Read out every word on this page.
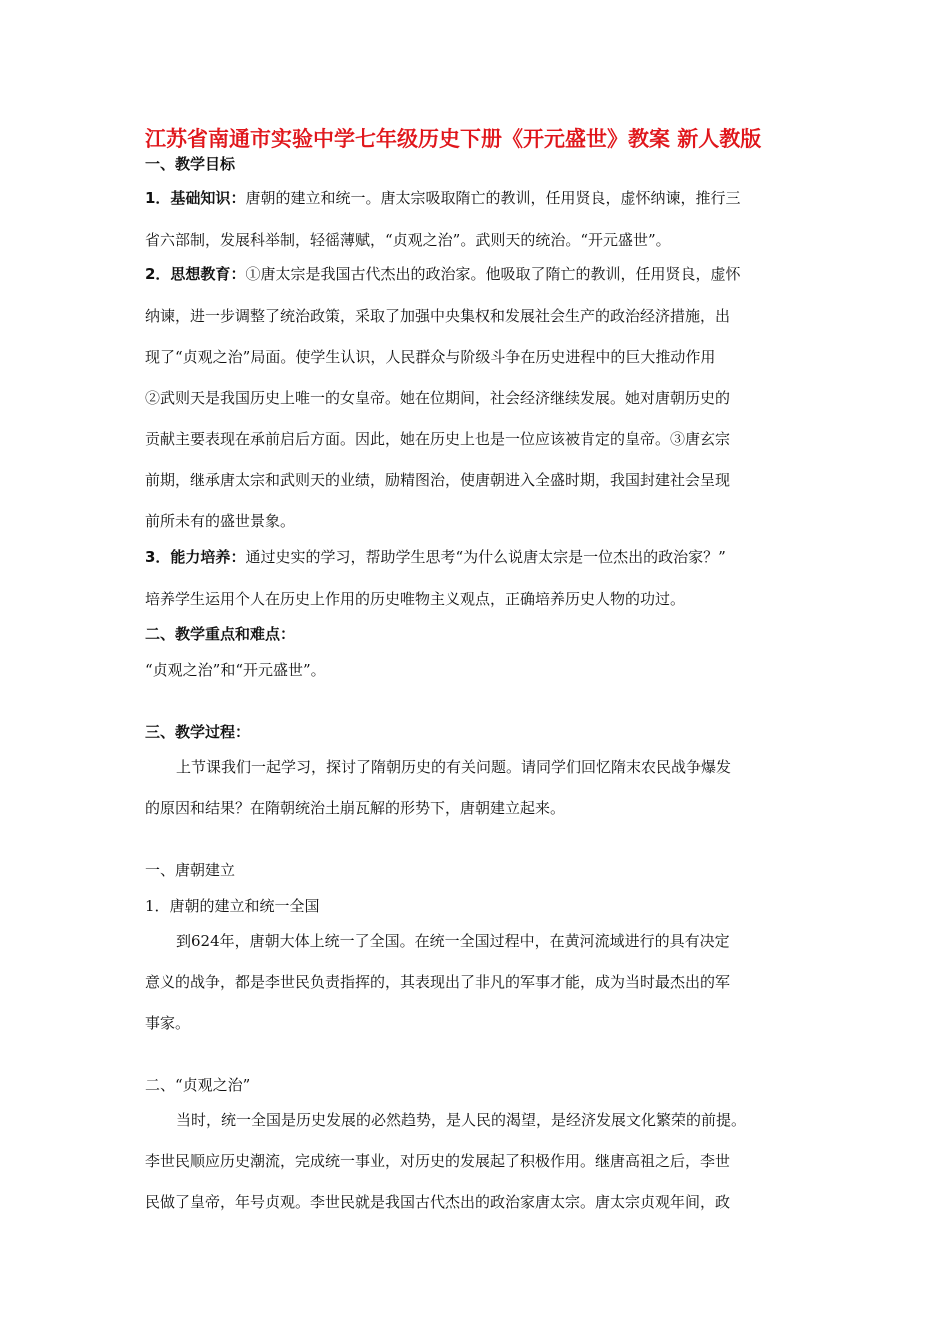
江苏省南通市实验中学七年级历史下册《开元盛世》教案 新人教版
一、教学目标
1．基础知识：唐朝的建立和统一。唐太宗吸取隋亡的教训，任用贤良，虚怀纳谏，推行三
省六部制，发展科举制，轻徭薄赋，“贞观之治”。武则天的统治。“开元盛世”。
2．思想教育：①唐太宗是我国古代杰出的政治家。他吸取了隋亡的教训，任用贤良，虚怀
纳谏，进一步调整了统治政策，采取了加强中央集权和发展社会生产的政治经济措施，出
现了“贞观之治”局面。使学生认识，人民群众与阶级斗争在历史进程中的巨大推动作用
②武则天是我国历史上唯一的女皇帝。她在位期间，社会经济继续发展。她对唐朝历史的
贡献主要表现在承前启后方面。因此，她在历史上也是一位应该被肯定的皇帝。③唐玄宗
前期，继承唐太宗和武则天的业绩，励精图治，使唐朝进入全盛时期，我国封建社会呈现
前所未有的盛世景象。
3．能力培养：通过史实的学习，帮助学生思考“为什么说唐太宗是一位杰出的政治家？”
培养学生运用个人在历史上作用的历史唯物主义观点，正确培养历史人物的功过。
二、教学重点和难点：
“贞观之治”和“开元盛世”。
三、教学过程：
上节课我们一起学习，探讨了隋朝历史的有关问题。请同学们回忆隋末农民战争爆发
的原因和结果？在隋朝统治土崩瓦解的形势下，唐朝建立起来。
一、唐朝建立
1．唐朝的建立和统一全国
到624年，唐朝大体上统一了全国。在统一全国过程中，在黄河流域进行的具有决定
意义的战争，都是李世民负责指挥的，其表现出了非凡的军事才能，成为当时最杰出的军
事家。
二、“贞观之治”
当时，统一全国是历史发展的必然趋势，是人民的渴望，是经济发展文化繁荣的前提。
李世民顺应历史潮流，完成统一事业，对历史的发展起了积极作用。继唐高祖之后，李世
民做了皇帝，年号贞观。李世民就是我国古代杰出的政治家唐太宗。唐太宗贞观年间，政
